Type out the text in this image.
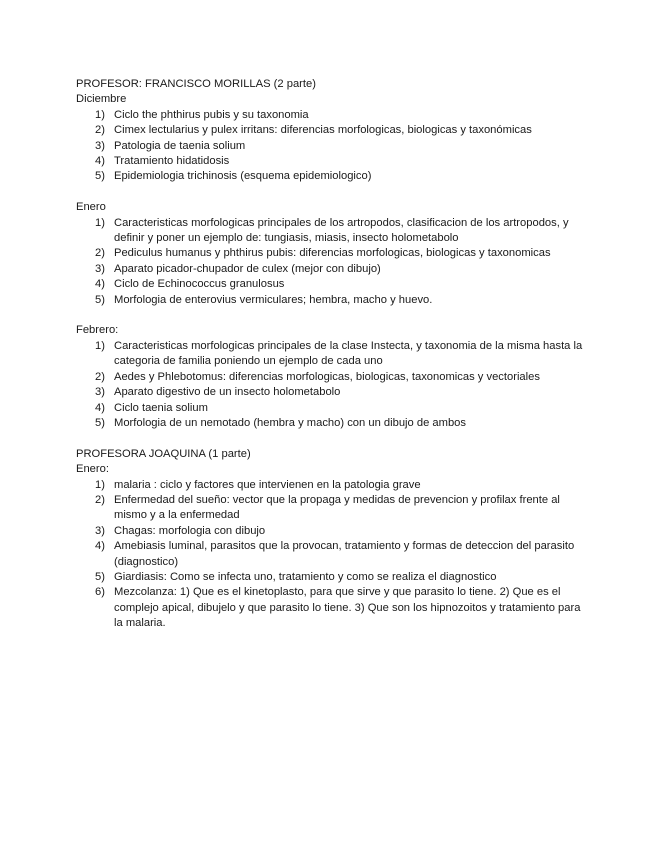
PROFESOR: FRANCISCO MORILLAS (2 parte)
Diciembre
1) Ciclo the phthirus pubis y su taxonomia
2) Cimex lectularius y pulex irritans: diferencias morfologicas, biologicas y taxonómicas
3) Patologia de taenia solium
4) Tratamiento hidatidosis
5) Epidemiologia trichinosis (esquema epidemiologico)
Enero
1) Caracteristicas morfologicas principales de los artropodos, clasificacion de los artropodos, y definir y poner un ejemplo de: tungiasis, miasis, insecto holometabolo
2) Pediculus humanus y phthirus pubis: diferencias morfologicas, biologicas y taxonomicas
3) Aparato picador-chupador de culex (mejor con dibujo)
4) Ciclo de Echinococcus granulosus
5) Morfologia de enterovius vermiculares; hembra, macho y huevo.
Febrero:
1) Caracteristicas morfologicas principales de la clase Instecta, y taxonomia de la misma hasta la categoria de familia poniendo un ejemplo de cada uno
2) Aedes y Phlebotomus: diferencias morfologicas, biologicas, taxonomicas y vectoriales
3) Aparato digestivo de un insecto holometabolo
4) Ciclo taenia solium
5) Morfologia de un nemotado (hembra y macho) con un dibujo de ambos
PROFESORA JOAQUINA (1 parte)
Enero:
1) malaria : ciclo y factores que intervienen en la patologia grave
2) Enfermedad del sueño: vector que la propaga y medidas de prevencion y profilax frente al mismo y a la enfermedad
3) Chagas: morfologia con dibujo
4) Amebiasis luminal, parasitos que la provocan, tratamiento y formas de deteccion del parasito (diagnostico)
5) Giardiasis: Como se infecta uno, tratamiento y como se realiza el diagnostico
6) Mezcolanza: 1) Que es el kinetoplasto, para que sirve y que parasito lo tiene. 2) Que es el complejo apical, dibujelo y que parasito lo tiene. 3) Que son los hipnozoitos y tratamiento para la malaria.
